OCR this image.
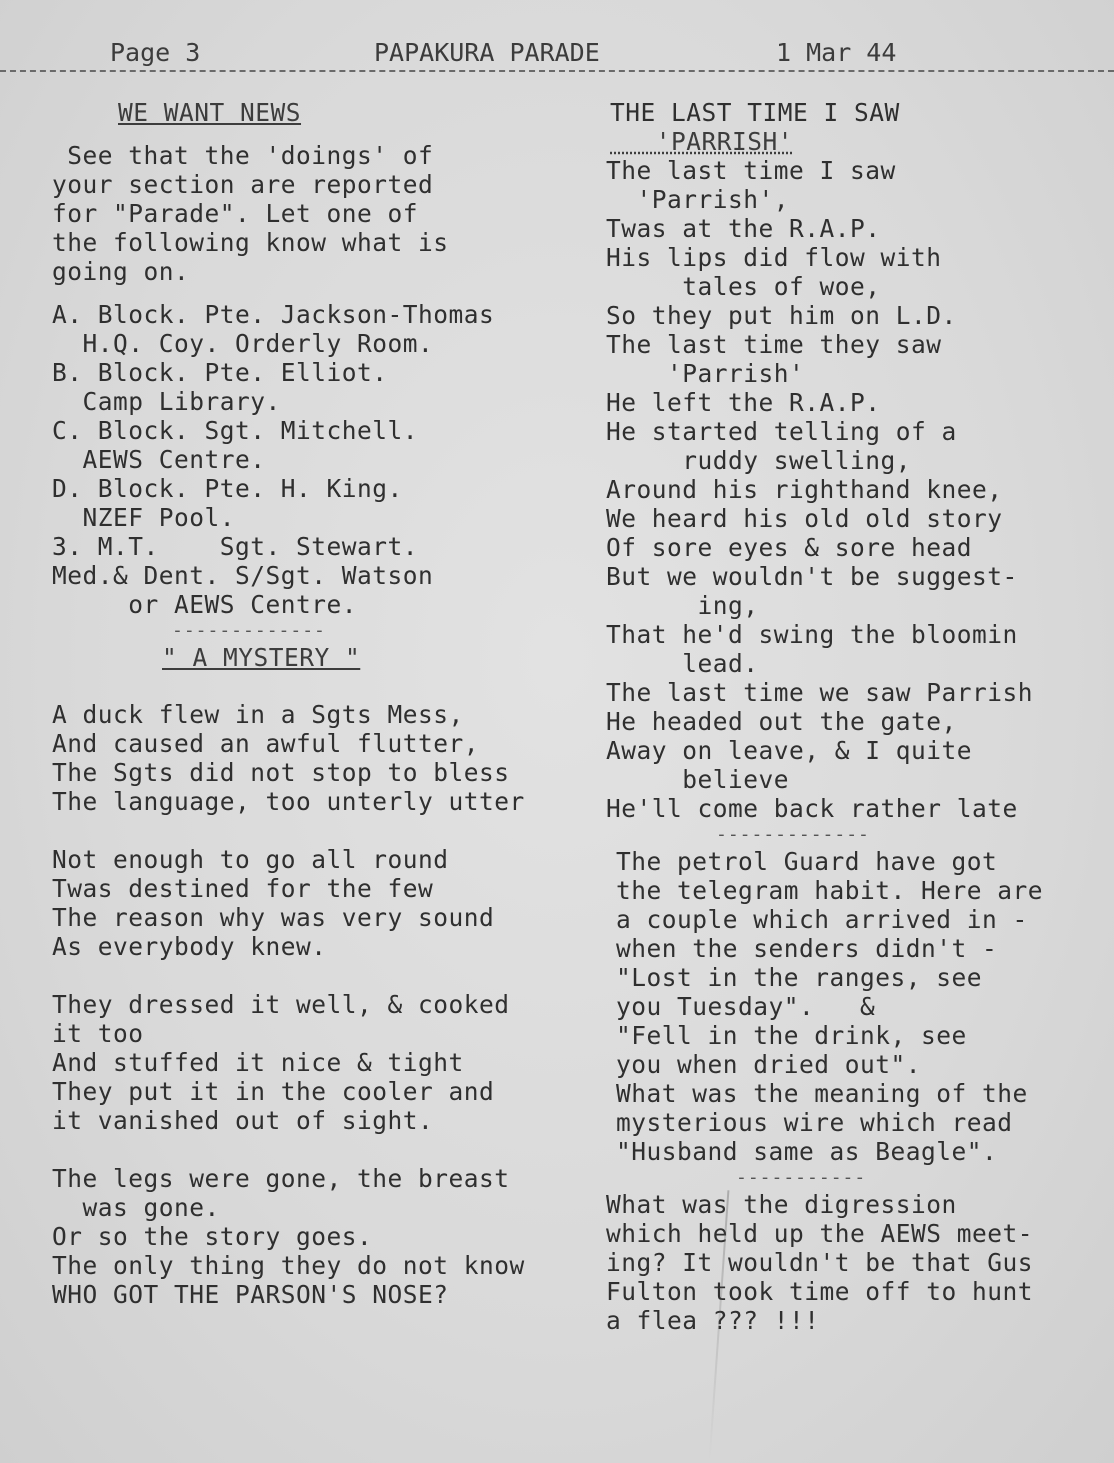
Page 3	PAPAKURA PARADE	1 Mar 44
WE WANT NEWS
See that the 'doings' of
your section are reported
for "Parade". Let one of
the following know what is
going on.
A. Block. Pte. Jackson-Thomas
H.Q. Coy. Orderly Room.
B. Block. Pte. Elliot.
Camp Library.
C. Block. Sgt. Mitchell.
AEWS Centre.
D. Block. Pte. H. King.
NZEF Pool.
3. M.T.    Sgt. Stewart.
Med.& Dent. S/Sgt. Watson
or AEWS Centre.
-------------
" A MYSTERY "
A duck flew in a Sgts Mess,
And caused an awful flutter,
The Sgts did not stop to bless
The language, too unterly utter

Not enough to go all round
Twas destined for the few
The reason why was very sound
As everybody knew.

They dressed it well, & cooked
it too
And stuffed it nice & tight
They put it in the cooler and
it vanished out of sight.

The legs were gone, the breast
was gone.
Or so the story goes.
The only thing they do not know
WHO GOT THE PARSON'S NOSE?
THE LAST TIME I SAW
'PARRISH'
The last time I saw
'Parrish',
Twas at the R.A.P.
His lips did flow with
tales of woe,
So they put him on L.D.
The last time they saw
'Parrish'
He left the R.A.P.
He started telling of a
ruddy swelling,
Around his righthand knee,
We heard his old old story
Of sore eyes & sore head
But we wouldn't be suggest-
ing,
That he'd swing the bloomin
lead.
The last time we saw Parrish
He headed out the gate,
Away on leave, & I quite
believe
He'll come back rather late
-------------
The petrol Guard have got
the telegram habit. Here are
a couple which arrived in -
when the senders didn't -
"Lost in the ranges, see
you Tuesday".   &
"Fell in the drink, see
you when dried out".
What was the meaning of the
mysterious wire which read
"Husband same as Beagle".
-----------
What was the digression
which held up the AEWS meet-
ing? It wouldn't be that Gus
Fulton took time off to hunt
a flea ??? !!!
